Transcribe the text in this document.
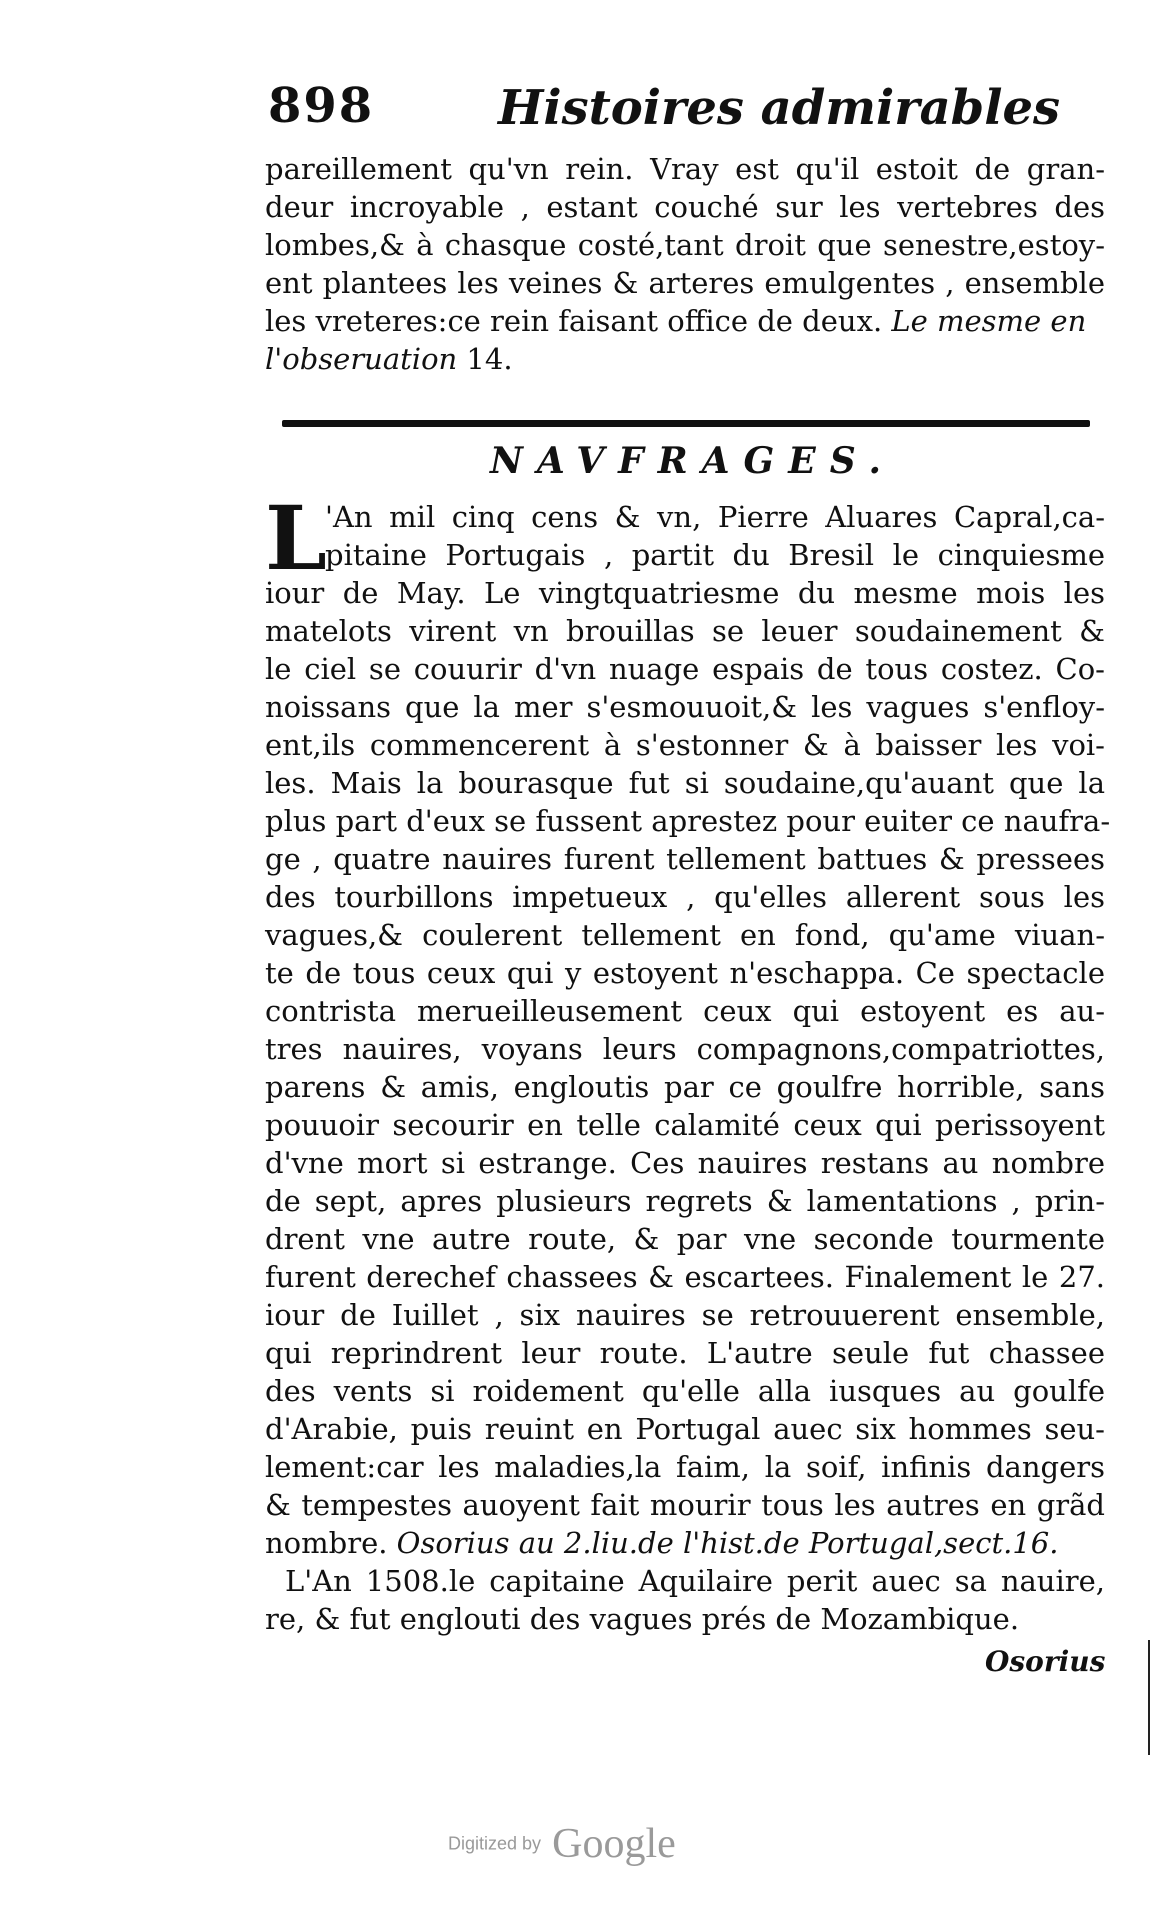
898	Histoires admirables
pareillement qu'vn rein. Vray est qu'il estoit de gran-
deur incroyable , estant couché sur les vertebres des
lombes,& à chasque costé,tant droit que senestre,estoy-
ent plantees les veines & arteres emulgentes , ensemble
les vreteres:ce rein faisant office de deux. Le mesme en
l'obseruation 14.
NAVFRAGES.
L
'An mil cinq cens & vn, Pierre Aluares Capral,ca-
pitaine Portugais , partit du Bresil le cinquiesme
iour de May. Le vingtquatriesme du mesme mois les
matelots virent vn brouillas se leuer soudainement &
le ciel se couurir d'vn nuage espais de tous costez. Co-
noissans que la mer s'esmouuoit,& les vagues s'enfloy-
ent,ils commencerent à s'estonner & à baisser les voi-
les. Mais la bourasque fut si soudaine,qu'auant que la
plus part d'eux se fussent aprestez pour euiter ce naufra-
ge , quatre nauires furent tellement battues & pressees
des tourbillons impetueux , qu'elles allerent sous les
vagues,& coulerent tellement en fond, qu'ame viuan-
te de tous ceux qui y estoyent n'eschappa. Ce spectacle
contrista merueilleusement ceux qui estoyent es au-
tres nauires, voyans leurs compagnons,compatriottes,
parens & amis, engloutis par ce goulfre horrible, sans
pouuoir secourir en telle calamité ceux qui perissoyent
d'vne mort si estrange. Ces nauires restans au nombre
de sept, apres plusieurs regrets & lamentations , prin-
drent vne autre route, & par vne seconde tourmente
furent derechef chassees & escartees. Finalement le 27.
iour de Iuillet , six nauires se retrouuerent ensemble,
qui reprindrent leur route. L'autre seule fut chassee
des vents si roidement qu'elle alla iusques au goulfe
d'Arabie, puis reuint en Portugal auec six hommes seu-
lement:car les maladies,la faim, la soif, infinis dangers
& tempestes auoyent fait mourir tous les autres en grãd
nombre. Osorius au 2.liu.de l'hist.de Portugal,sect.16.
L'An 1508.le capitaine Aquilaire perit auec sa nauire,
re, & fut englouti des vagues prés de Mozambique.
Osorius
Digitized by Google
